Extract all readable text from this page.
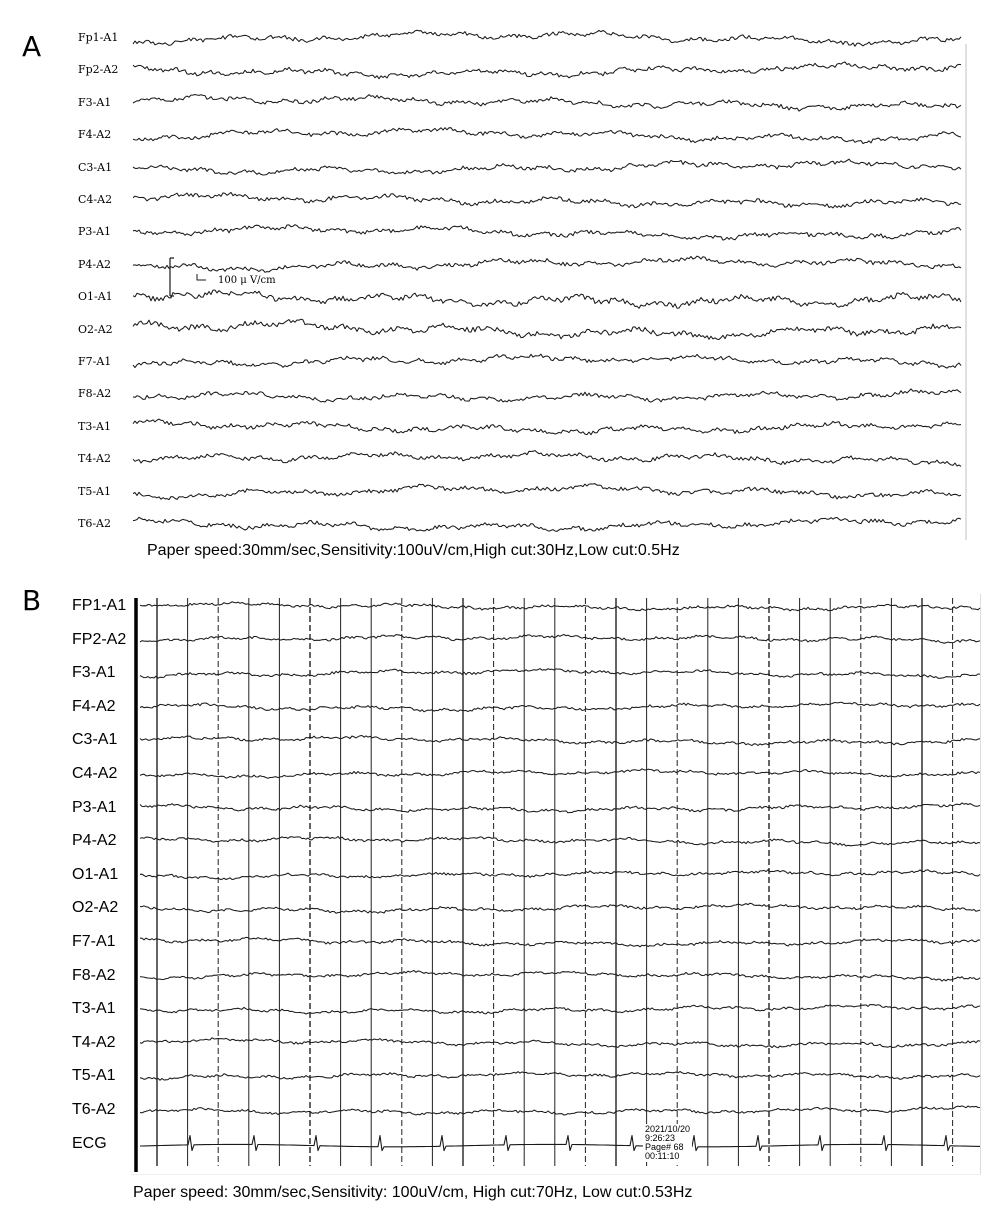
A
B
Fp1-A1
Fp2-A2
F3-A1
F4-A2
C3-A1
C4-A2
P3-A1
P4-A2
O1-A1
O2-A2
F7-A1
F8-A2
T3-A1
T4-A2
T5-A1
T6-A2
FP1-A1
FP2-A2
F3-A1
F4-A2
C3-A1
C4-A2
P3-A1
P4-A2
O1-A1
O2-A2
F7-A1
F8-A2
T3-A1
T4-A2
T5-A1
T6-A2
ECG
100 μ V/cm
2021/10/20
9:26:23
Page# 68
00:11:10
Paper speed:30mm/sec,Sensitivity:100uV/cm,High cut:30Hz,Low cut:0.5Hz
Paper speed: 30mm/sec,Sensitivity: 100uV/cm, High cut:70Hz, Low cut:0.53Hz
